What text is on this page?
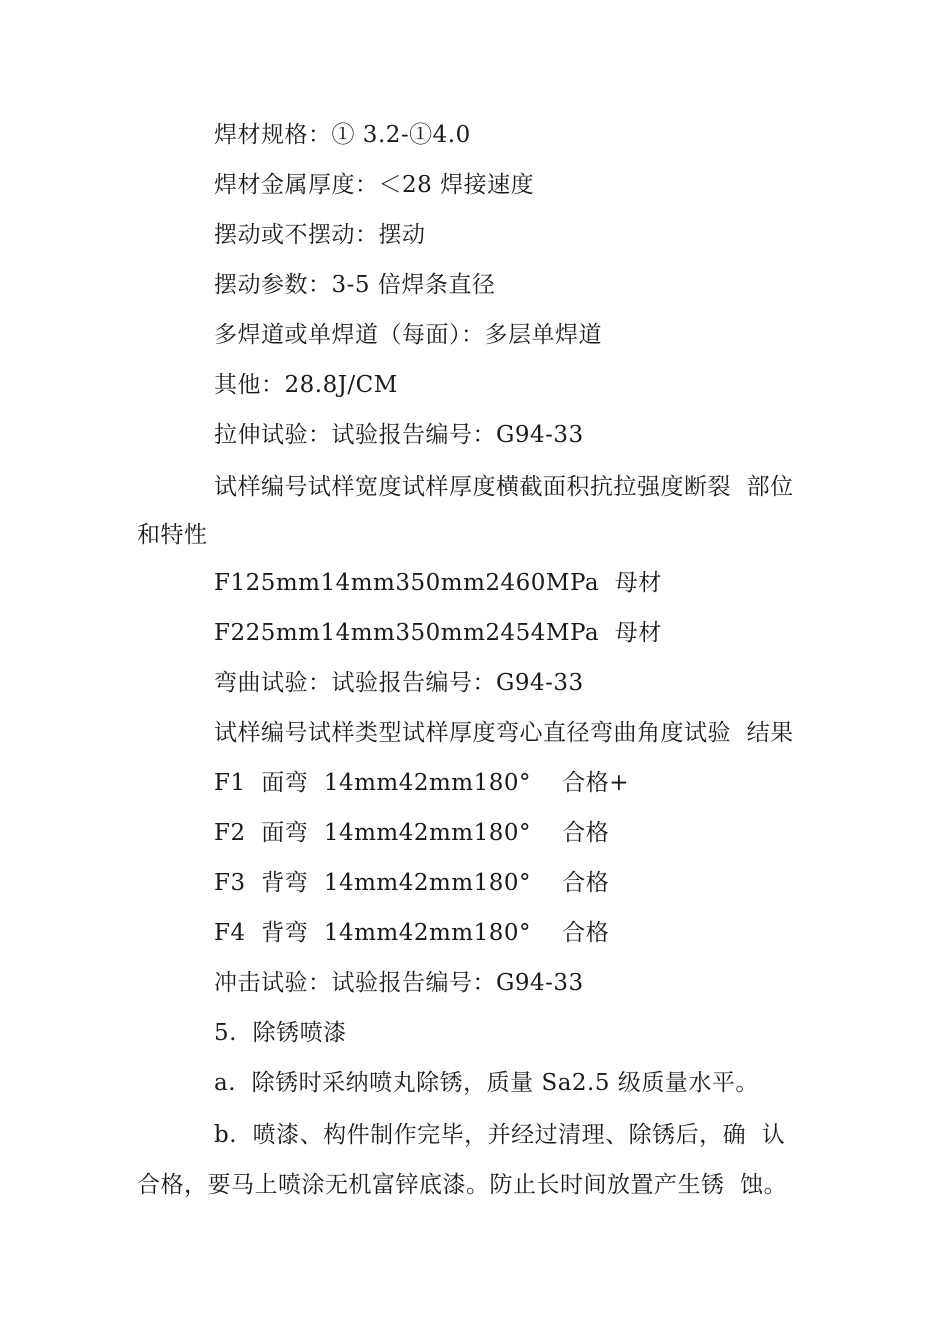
焊材规格：① 3.2-①4.0
焊材金属厚度：＜28 焊接速度
摆动或不摆动：摆动
摆动参数：3-5 倍焊条直径
多焊道或单焊道（每面）：多层单焊道
其他：28.8J/CM
拉伸试验：试验报告编号：G94-33
试样编号试样宽度试样厚度横截面积抗拉强度断裂  部位
和特性
F125mm14mm350mm2460MPa  母材
F225mm14mm350mm2454MPa  母材
弯曲试验：试验报告编号：G94-33
试样编号试样类型试样厚度弯心直径弯曲角度试验  结果
F1  面弯  14mm42mm180°    合格+
F2  面弯  14mm42mm180°    合格
F3  背弯  14mm42mm180°    合格
F4  背弯  14mm42mm180°    合格
冲击试验：试验报告编号：G94-33
5.  除锈喷漆
a.  除锈时采纳喷丸除锈，质量 Sa2.5 级质量水平。
b.  喷漆、构件制作完毕，并经过清理、除锈后，确  认
合格，要马上喷涂无机富锌底漆。防止长时间放置产生锈  蚀。
